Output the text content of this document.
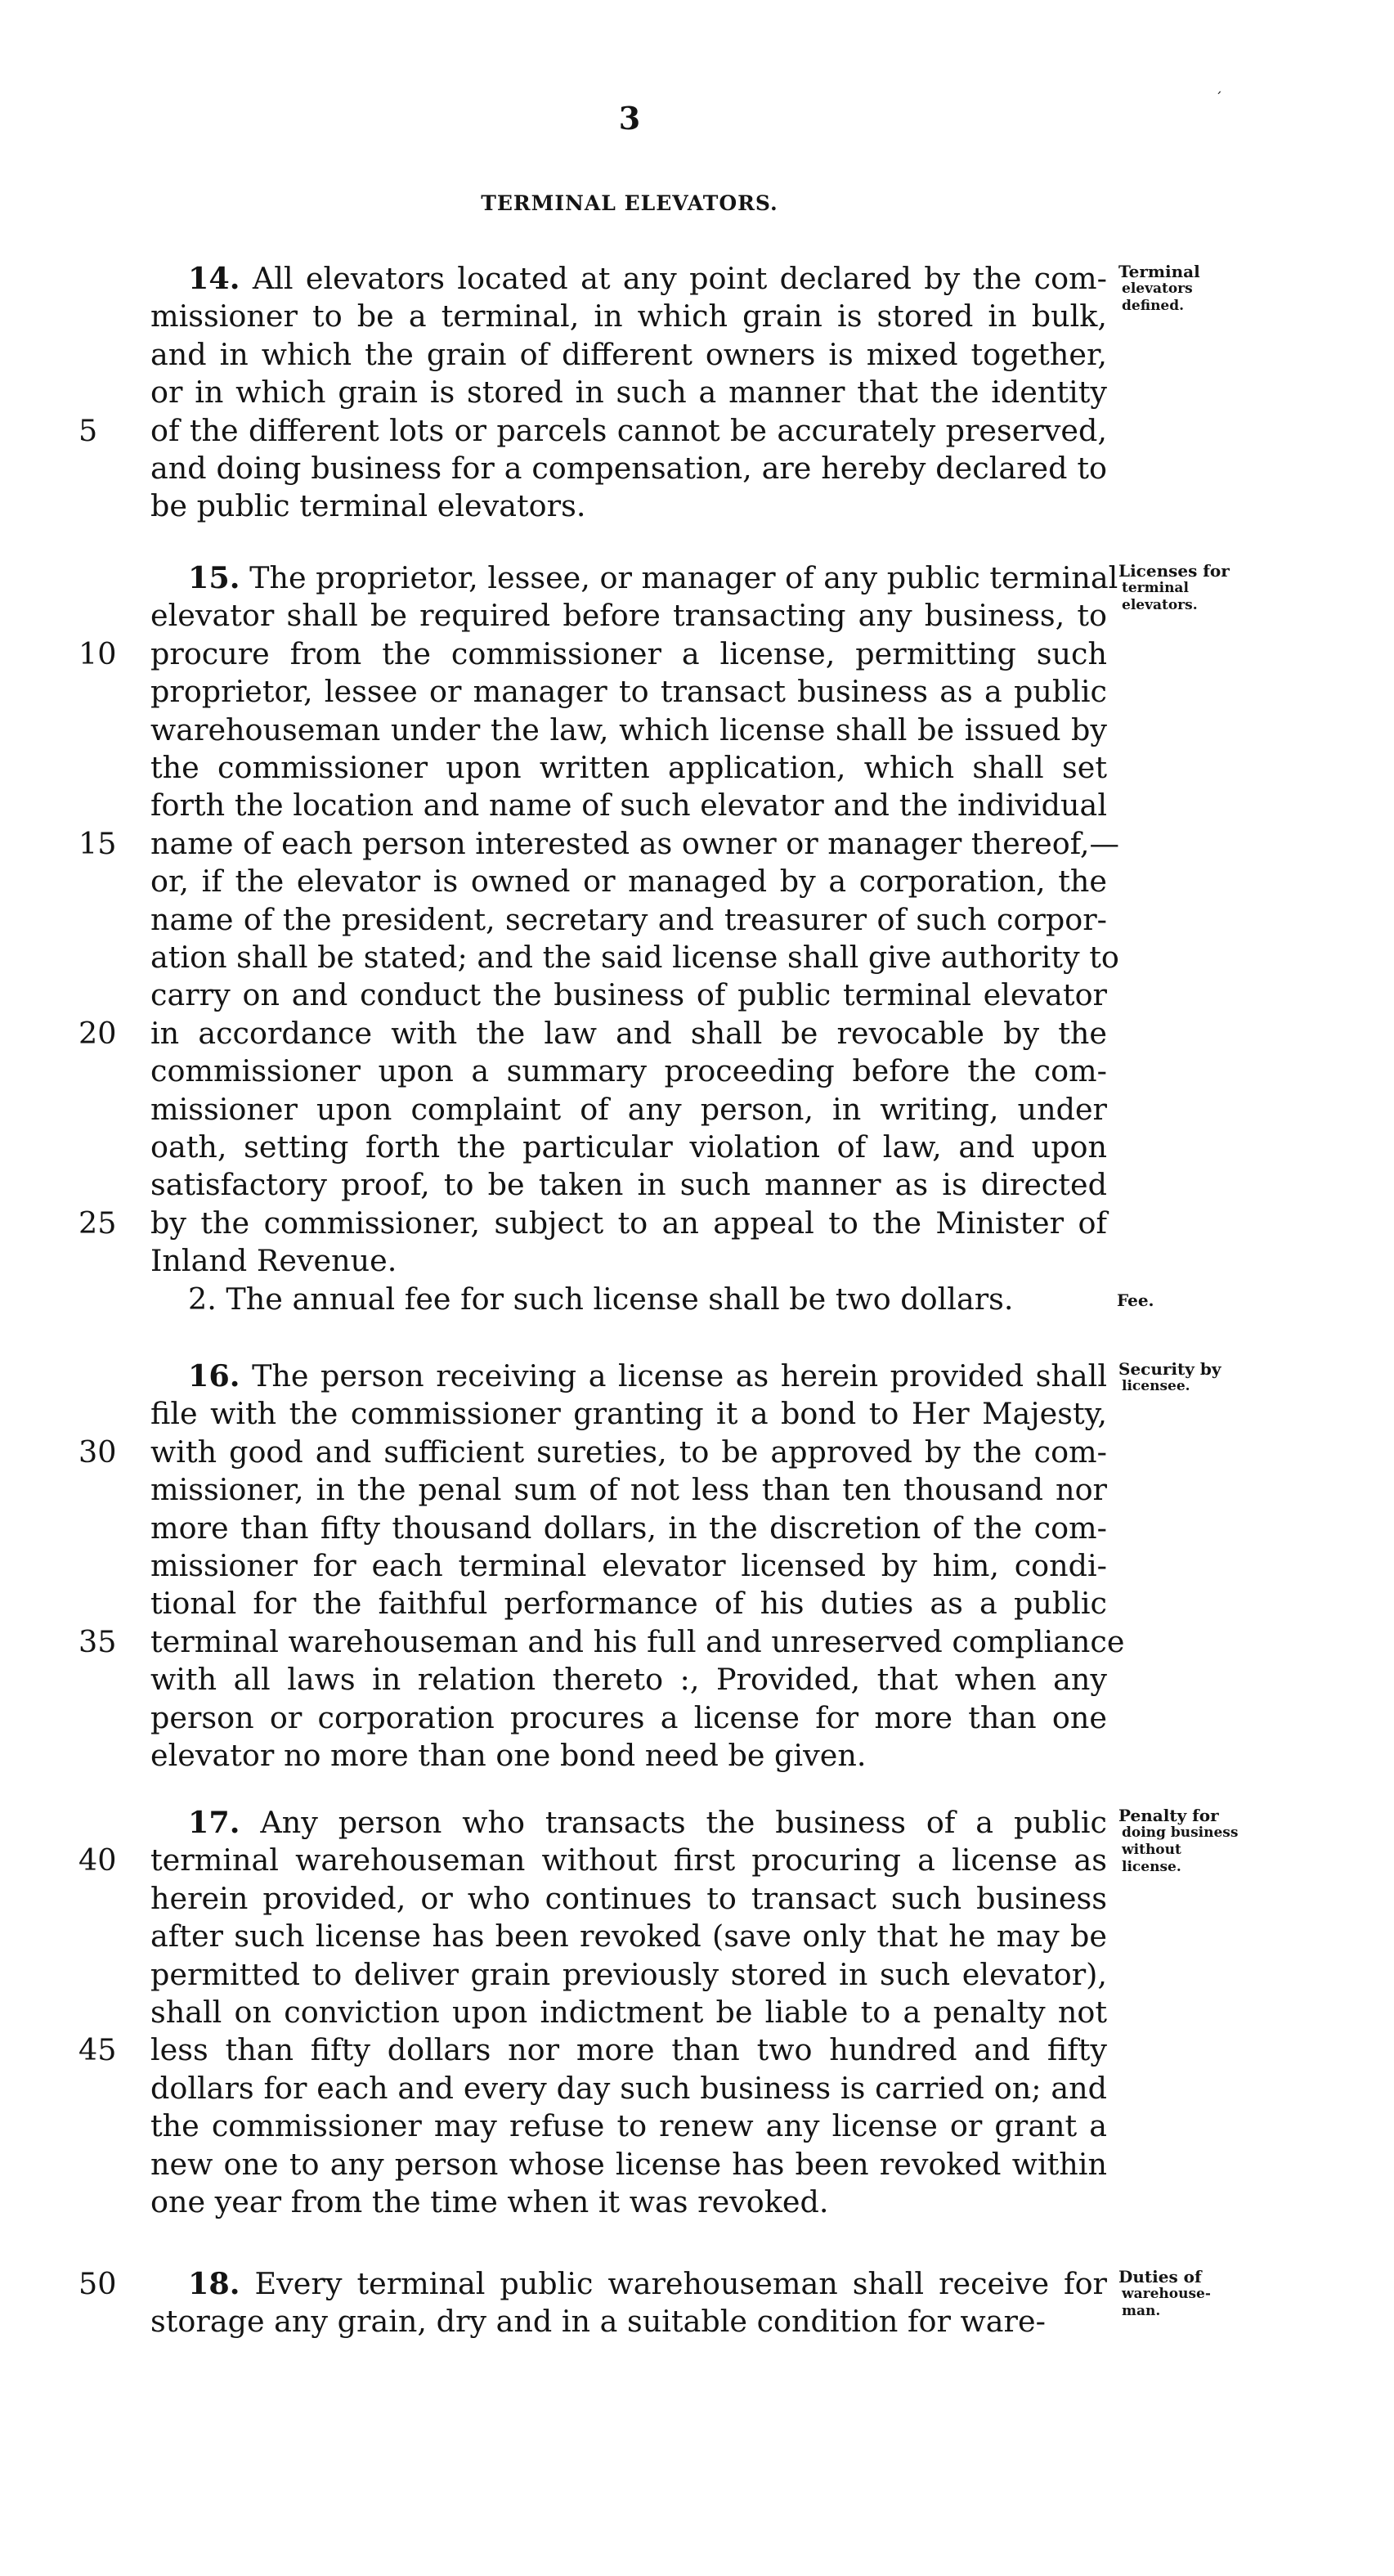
´
3
TERMINAL ELEVATORS.
14. All elevators located at any point declared by the com-
missioner to be a terminal, in which grain is stored in bulk,
and in which the grain of different owners is mixed together,
or in which grain is stored in such a manner that the identity
of the different lots or parcels cannot be accurately preserved,
5
and doing business for a compensation, are hereby declared to
be public terminal elevators.
Terminal
elevators
defined.
15. The proprietor, lessee, or manager of any public terminal
elevator shall be required before transacting any business, to
procure from the commissioner a license, permitting such
10
proprietor, lessee or manager to transact business as a public
warehouseman under the law, which license shall be issued by
the commissioner upon written application, which shall set
forth the location and name of such elevator and the individual
name of each person interested as owner or manager thereof,—
15
or, if the elevator is owned or managed by a corporation, the
name of the president, secretary and treasurer of such corpor-
ation shall be stated; and the said license shall give authority to
carry on and conduct the business of public terminal elevator
in accordance with the law and shall be revocable by the
20
commissioner upon a summary proceeding before the com-
missioner upon complaint of any person, in writing, under
oath, setting forth the particular violation of law, and upon
satisfactory proof, to be taken in such manner as is directed
by the commissioner, subject to an appeal to the Minister of
25
Inland Revenue.
2. The annual fee for such license shall be two dollars.	Fee.
Licenses for
terminal
elevators.
16. The person receiving a license as herein provided shall
file with the commissioner granting it a bond to Her Majesty,
with good and sufficient sureties, to be approved by the com-
30
missioner, in the penal sum of not less than ten thousand nor
more than fifty thousand dollars, in the discretion of the com-
missioner for each terminal elevator licensed by him, condi-
tional for the faithful performance of his duties as a public
terminal warehouseman and his full and unreserved compliance
35
with all laws in relation thereto :, Provided, that when any
person or corporation procures a license for more than one
elevator no more than one bond need be given.
Security by
licensee.
17. Any person who transacts the business of a public
terminal warehouseman without first procuring a license as
40
herein provided, or who continues to transact such business
after such license has been revoked (save only that he may be
permitted to deliver grain previously stored in such elevator),
shall on conviction upon indictment be liable to a penalty not
less than fifty dollars nor more than two hundred and fifty
45
dollars for each and every day such business is carried on; and
the commissioner may refuse to renew any license or grant a
new one to any person whose license has been revoked within
one year from the time when it was revoked.
Penalty for
doing business
without
license.
18. Every terminal public warehouseman shall receive for
50
storage any grain, dry and in a suitable condition for ware-
Duties of
warehouse-
man.
